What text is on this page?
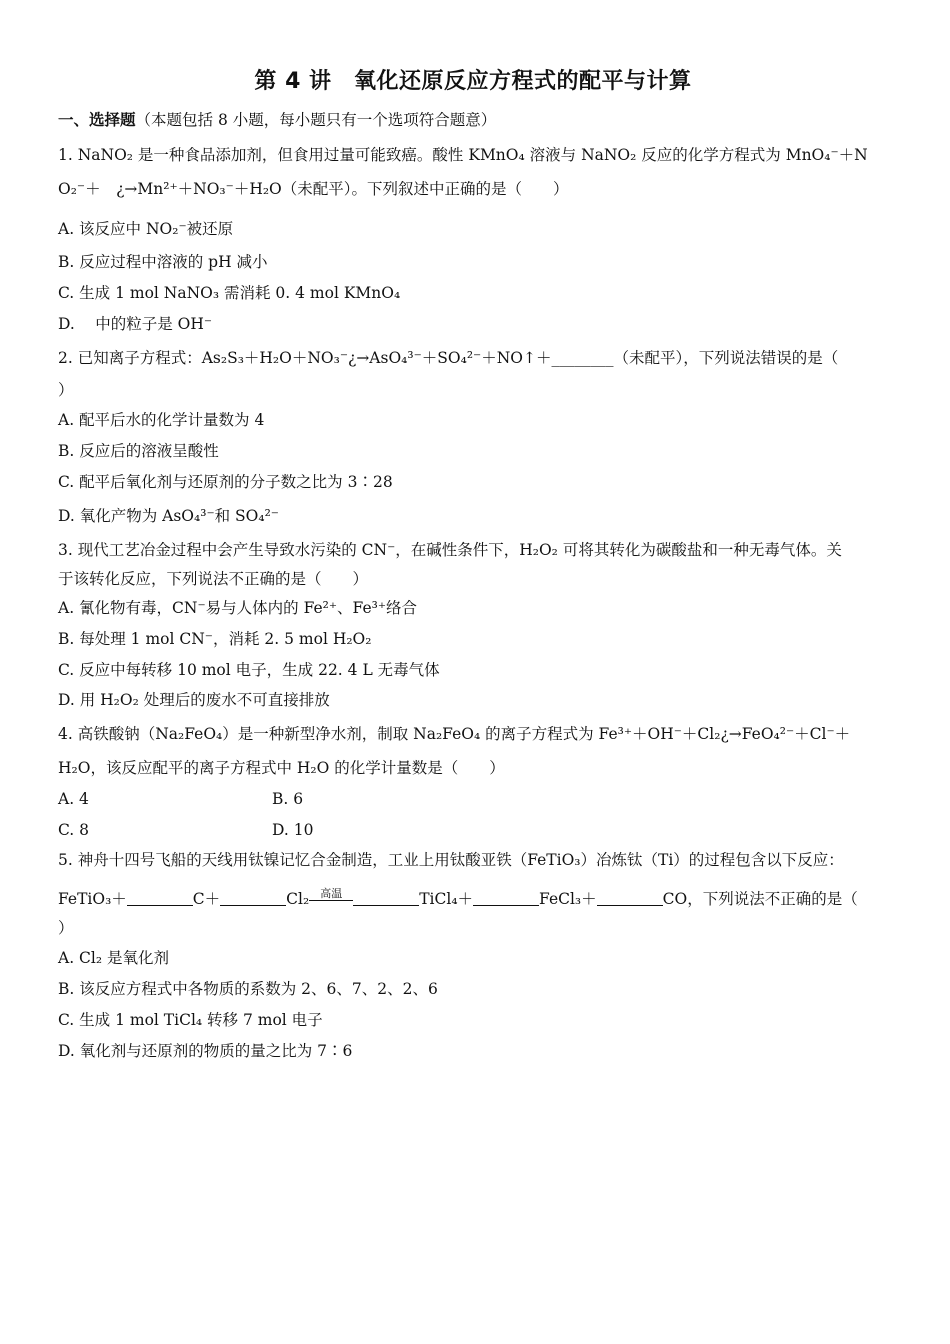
第 4 讲　氧化还原反应方程式的配平与计算
一、选择题（本题包括 8 小题，每小题只有一个选项符合题意）
1. NaNO₂ 是一种食品添加剂，但食用过量可能致癌。酸性 KMnO₄ 溶液与 NaNO₂ 反应的化学方程式为 MnO₄⁻＋N
O₂⁻＋　¿→Mn²⁺＋NO₃⁻＋H₂O（未配平）。下列叙述中正确的是（　　）
A. 该反应中 NO₂⁻被还原
B. 反应过程中溶液的 pH 减小
C. 生成 1 mol NaNO₃ 需消耗 0. 4 mol KMnO₄
D.　 中的粒子是 OH⁻
2. 已知离子方程式：As₂S₃＋H₂O＋NO₃⁻¿→AsO₄³⁻＋SO₄²⁻＋NO↑＋________（未配平），下列说法错误的是（
）
A. 配平后水的化学计量数为 4
B. 反应后的溶液呈酸性
C. 配平后氧化剂与还原剂的分子数之比为 3∶28
D. 氧化产物为 AsO₄³⁻和 SO₄²⁻
3. 现代工艺冶金过程中会产生导致水污染的 CN⁻，在碱性条件下，H₂O₂ 可将其转化为碳酸盐和一种无毒气体。关
于该转化反应，下列说法不正确的是（　　）
A. 氰化物有毒，CN⁻易与人体内的 Fe²⁺、Fe³⁺络合
B. 每处理 1 mol CN⁻，消耗 2. 5 mol H₂O₂
C. 反应中每转移 10 mol 电子，生成 22. 4 L 无毒气体
D. 用 H₂O₂ 处理后的废水不可直接排放
4. 高铁酸钠（Na₂FeO₄）是一种新型净水剂，制取 Na₂FeO₄ 的离子方程式为 Fe³⁺＋OH⁻＋Cl₂¿→FeO₄²⁻＋Cl⁻＋
H₂O，该反应配平的离子方程式中 H₂O 的化学计量数是（　　）
A. 4	B. 6
C. 8	D. 10
5. 神舟十四号飞船的天线用钛镍记忆合金制造，工业上用钛酸亚铁（FeTiO₃）冶炼钛（Ti）的过程包含以下反应：
FeTiO₃＋	C＋	Cl₂	高温	TiCl₄＋	FeCl₃＋	CO，下列说法不正确的是（
）
A. Cl₂ 是氧化剂
B. 该反应方程式中各物质的系数为 2、6、7、2、2、6
C. 生成 1 mol TiCl₄ 转移 7 mol 电子
D. 氧化剂与还原剂的物质的量之比为 7∶6
